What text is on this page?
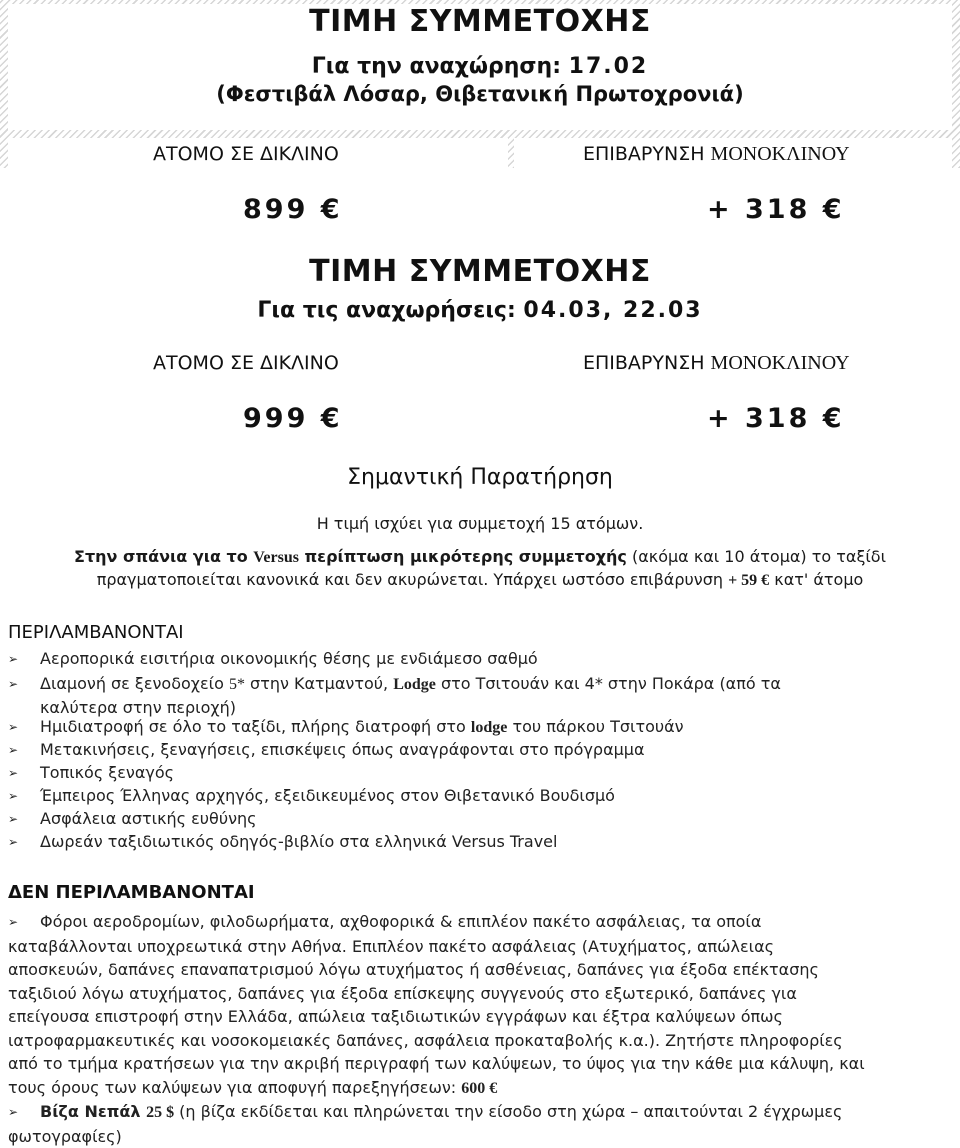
ΤΙΜΗ ΣΥΜΜΕΤΟΧΗΣ
Για την αναχώρηση: 17.02
(Φεστιβάλ Λόσαρ, Θιβετανική Πρωτοχρονιά)
ΑΤΟΜΟ ΣΕ ΔΙΚΛΙΝΟ	ΕΠΙΒΑΡΥΝΣΗ ΜΟΝΟΚΛΙΝΟΥ
899 €	+ 318 €
ΤΙΜΗ ΣΥΜΜΕΤΟΧΗΣ
Για τις αναχωρήσεις: 04.03, 22.03
ΑΤΟΜΟ ΣΕ ΔΙΚΛΙΝΟ	ΕΠΙΒΑΡΥΝΣΗ ΜΟΝΟΚΛΙΝΟΥ
999 €	+ 318 €
Σημαντική Παρατήρηση
Η τιμή ισχύει για συμμετοχή 15 ατόμων.
Στην σπάνια για το Versus περίπτωση μικρότερης συμμετοχής (ακόμα και 10 άτομα) το ταξίδι
πραγματοποιείται κανονικά και δεν ακυρώνεται. Υπάρχει ωστόσο επιβάρυνση + 59 € κατ' άτομο
ΠΕΡΙΛΑΜΒΑΝΟΝΤΑΙ
➢ Αεροπορικά εισιτήρια οικονομικής θέσης με ενδιάμεσο σαθμό
➢ Διαμονή σε ξενοδοχείο 5* στην Κατμαντού, Lodge στο Τσιτουάν και 4* στην Ποκάρα (από τα
καλύτερα στην περιοχή)
➢ Ημιδιατροφή σε όλο το ταξίδι, πλήρης διατροφή στο lodge του πάρκου Τσιτουάν
➢ Μετακινήσεις, ξεναγήσεις, επισκέψεις όπως αναγράφονται στο πρόγραμμα
➢ Τοπικός ξεναγός
➢ Έμπειρος Έλληνας αρχηγός, εξειδικευμένος στον Θιβετανικό Βουδισμό
➢ Ασφάλεια αστικής ευθύνης
➢ Δωρεάν ταξιδιωτικός οδηγός-βιβλίο στα ελληνικά Versus Travel
ΔΕΝ ΠΕΡΙΛΑΜΒΑΝΟΝΤΑΙ
➢ Φόροι αεροδρομίων, φιλοδωρήματα, αχθοφορικά & επιπλέον πακέτο ασφάλειας, τα οποία
καταβάλλονται υποχρεωτικά στην Αθήνα. Επιπλέον πακέτο ασφάλειας (Ατυχήματος, απώλειας
αποσκευών, δαπάνες επαναπατρισμού λόγω ατυχήματος ή ασθένειας, δαπάνες για έξοδα επέκτασης
ταξιδιού λόγω ατυχήματος, δαπάνες για έξοδα επίσκεψης συγγενούς στο εξωτερικό, δαπάνες για
επείγουσα επιστροφή στην Ελλάδα, απώλεια ταξιδιωτικών εγγράφων και έξτρα καλύψεων όπως
ιατροφαρμακευτικές και νοσοκομειακές δαπάνες, ασφάλεια προκαταβολής κ.α.). Ζητήστε πληροφορίες
από το τμήμα κρατήσεων για την ακριβή περιγραφή των καλύψεων, το ύψος για την κάθε μια κάλυψη, και
τους όρους των καλύψεων για αποφυγή παρεξηγήσεων: 600 €
➢ Βίζα Νεπάλ 25 $ (η βίζα εκδίδεται και πληρώνεται την είσοδο στη χώρα – απαιτούνται 2 έγχρωμες
φωτογραφίες)
